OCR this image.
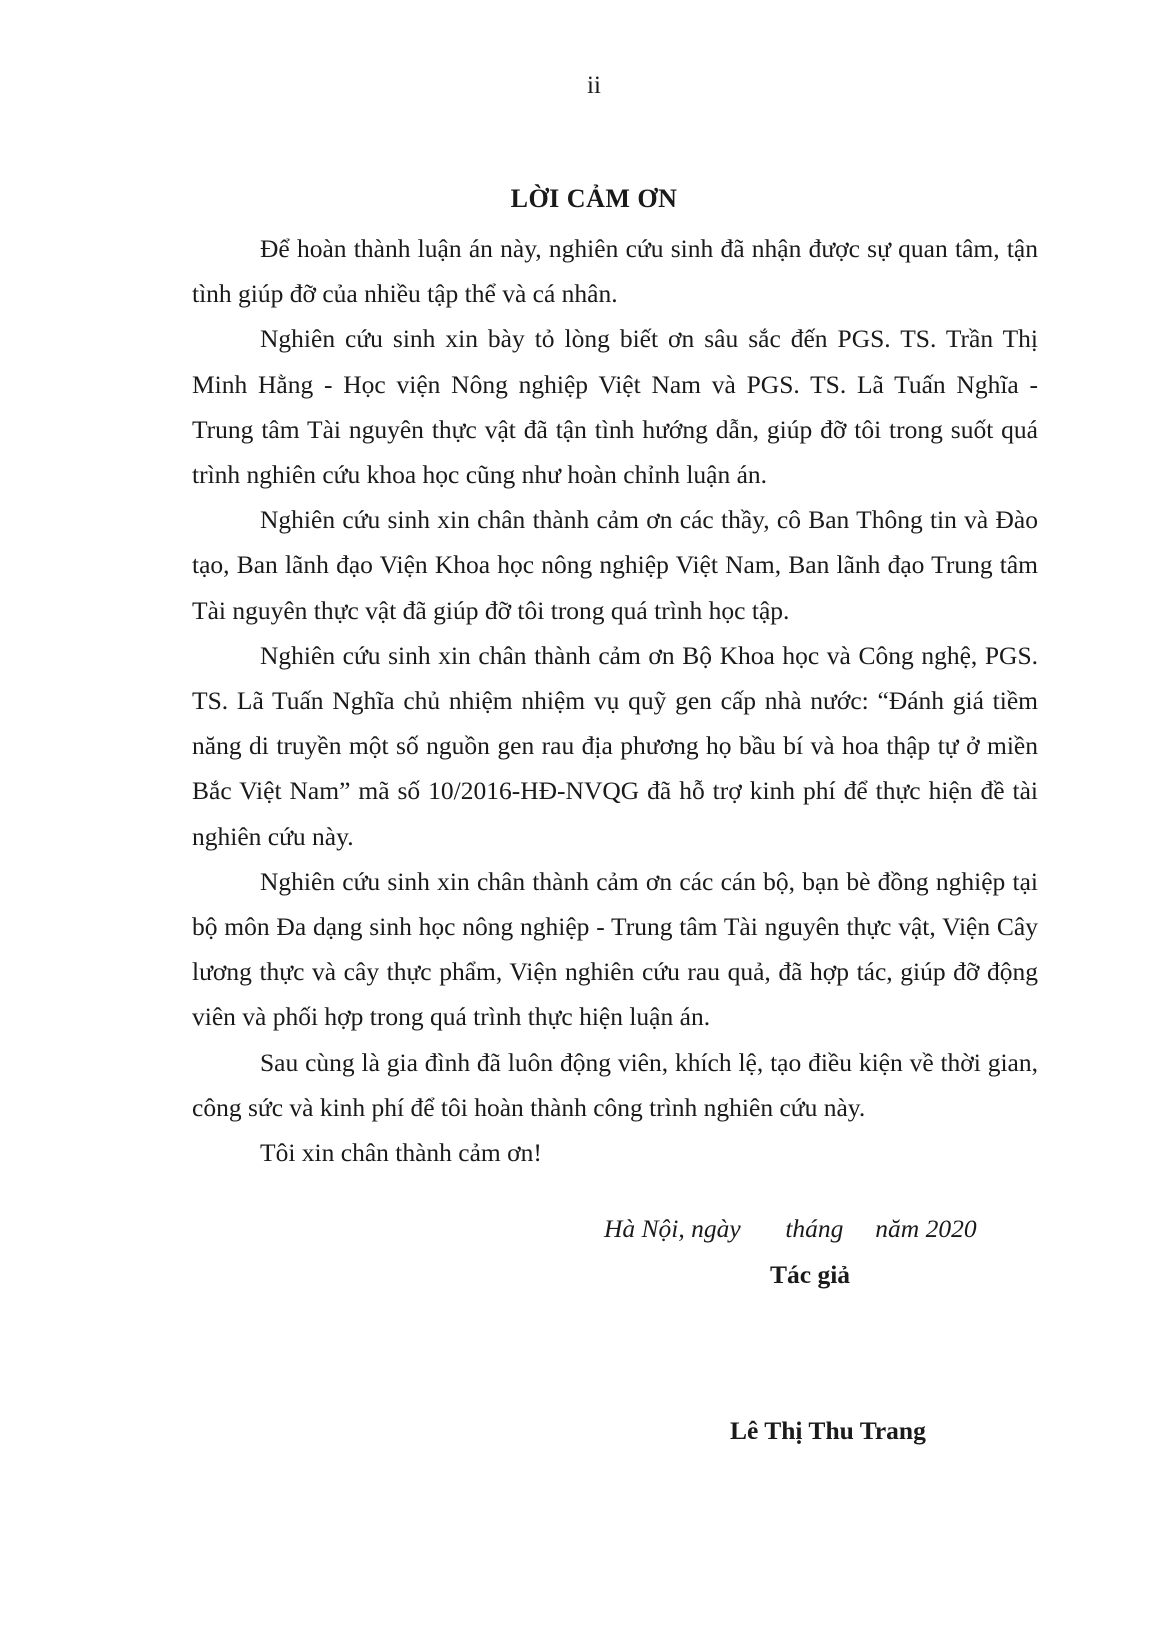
ii
LỜI CẢM ƠN

Để hoàn thành luận án này, nghiên cứu sinh đã nhận được sự quan tâm, tận tình giúp đỡ của nhiều tập thể và cá nhân.

Nghiên cứu sinh xin bày tỏ lòng biết ơn sâu sắc đến PGS. TS. Trần Thị Minh Hằng - Học viện Nông nghiệp Việt Nam và PGS. TS. Lã Tuấn Nghĩa - Trung tâm Tài nguyên thực vật đã tận tình hướng dẫn, giúp đỡ tôi trong suốt quá trình nghiên cứu khoa học cũng như hoàn chỉnh luận án.

Nghiên cứu sinh xin chân thành cảm ơn các thầy, cô Ban Thông tin và Đào tạo, Ban lãnh đạo Viện Khoa học nông nghiệp Việt Nam, Ban lãnh đạo Trung tâm Tài nguyên thực vật đã giúp đỡ tôi trong quá trình học tập.

Nghiên cứu sinh xin chân thành cảm ơn Bộ Khoa học và Công nghệ, PGS. TS. Lã Tuấn Nghĩa chủ nhiệm nhiệm vụ quỹ gen cấp nhà nước: “Đánh giá tiềm năng di truyền một số nguồn gen rau địa phương họ bầu bí và hoa thập tự ở miền Bắc Việt Nam” mã số 10/2016-HĐ-NVQG đã hỗ trợ kinh phí để thực hiện đề tài nghiên cứu này.

Nghiên cứu sinh xin chân thành cảm ơn các cán bộ, bạn bè đồng nghiệp tại bộ môn Đa dạng sinh học nông nghiệp - Trung tâm Tài nguyên thực vật, Viện Cây lương thực và cây thực phẩm, Viện nghiên cứu rau quả, đã hợp tác, giúp đỡ động viên và phối hợp trong quá trình thực hiện luận án.

Sau cùng là gia đình đã luôn động viên, khích lệ, tạo điều kiện về thời gian, công sức và kinh phí để tôi hoàn thành công trình nghiên cứu này.

Tôi xin chân thành cảm ơn!

Hà Nội, ngày       tháng     năm 2020
Tác giả
Lê Thị Thu Trang
